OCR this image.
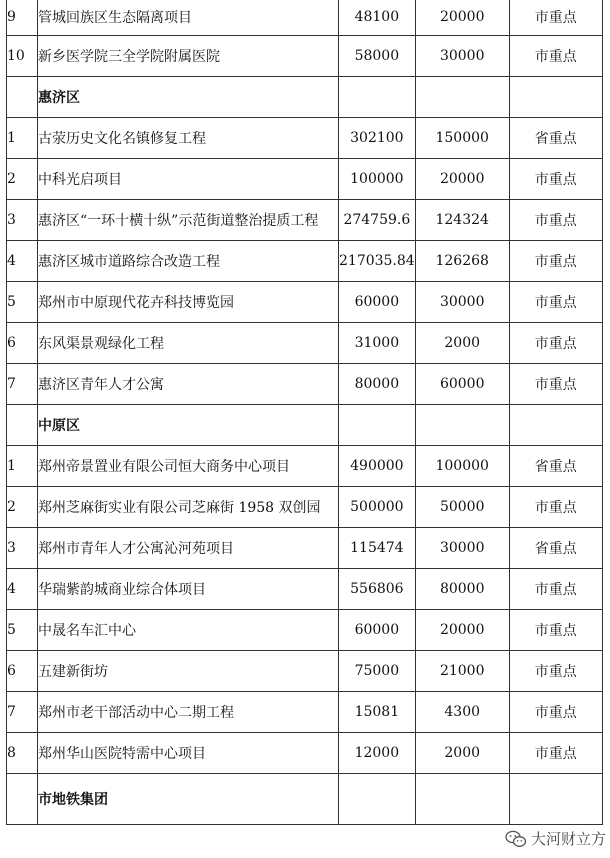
9	管城回族区生态隔离项目	48100	20000	市重点
10	新乡医学院三全学院附属医院	58000	30000	市重点
	惠济区			
1	古荥历史文化名镇修复工程	302100	150000	省重点
2	中科光启项目	100000	20000	市重点
3	惠济区“一环十横十纵”示范街道整治提质工程	274759.6	124324	市重点
4	惠济区城市道路综合改造工程	217035.84	126268	市重点
5	郑州市中原现代花卉科技博览园	60000	30000	市重点
6	东风渠景观绿化工程	31000	2000	市重点
7	惠济区青年人才公寓	80000	60000	市重点
	中原区			
1	郑州帝景置业有限公司恒大商务中心项目	490000	100000	省重点
2	郑州芝麻街实业有限公司芝麻街 1958 双创园	500000	50000	市重点
3	郑州市青年人才公寓沁河苑项目	115474	30000	省重点
4	华瑞紫韵城商业综合体项目	556806	80000	市重点
5	中晟名车汇中心	60000	20000	市重点
6	五建新街坊	75000	21000	市重点
7	郑州市老干部活动中心二期工程	15081	4300	市重点
8	郑州华山医院特需中心项目	12000	2000	市重点
	市地铁集团			
大河财立方
